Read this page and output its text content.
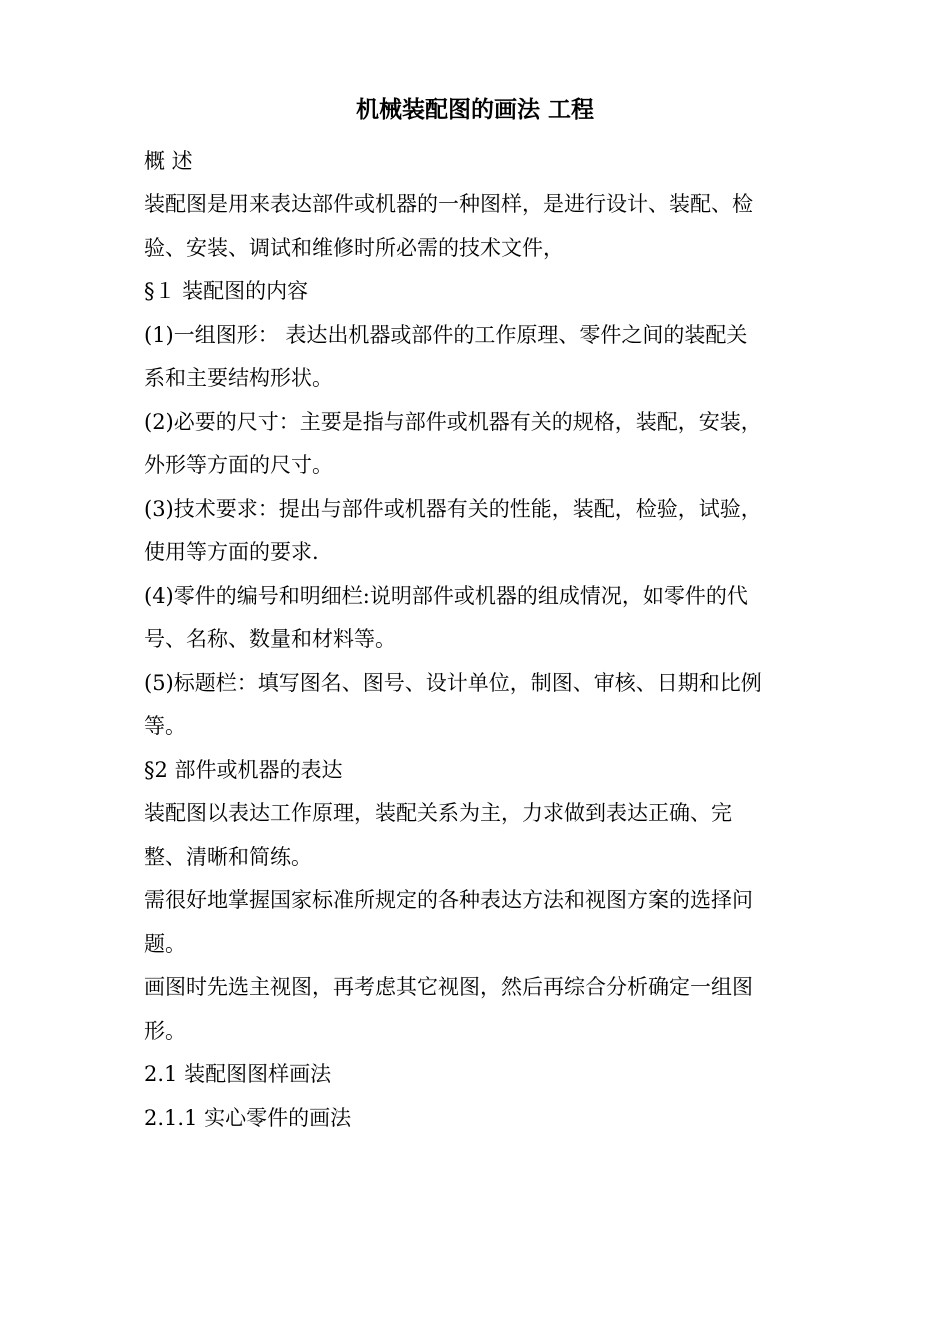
机械装配图的画法 工程
概 述
装配图是用来表达部件或机器的一种图样，是进行设计、装配、检
验、安装、调试和维修时所必需的技术文件，
§１ 装配图的内容
(1)一组图形： 表达出机器或部件的工作原理、零件之间的装配关
系和主要结构形状。
(2)必要的尺寸：主要是指与部件或机器有关的规格，装配，安装，
外形等方面的尺寸。
(3)技术要求：提出与部件或机器有关的性能，装配，检验，试验，
使用等方面的要求.
(4)零件的编号和明细栏:说明部件或机器的组成情况，如零件的代
号、名称、数量和材料等。
(5)标题栏：填写图名、图号、设计单位，制图、审核、日期和比例
等。
§2 部件或机器的表达
装配图以表达工作原理，装配关系为主，力求做到表达正确、完
整、清晰和简练。
需很好地掌握国家标准所规定的各种表达方法和视图方案的选择问
题。
画图时先选主视图，再考虑其它视图，然后再综合分析确定一组图
形。
2.1 装配图图样画法
2.1.1 实心零件的画法
